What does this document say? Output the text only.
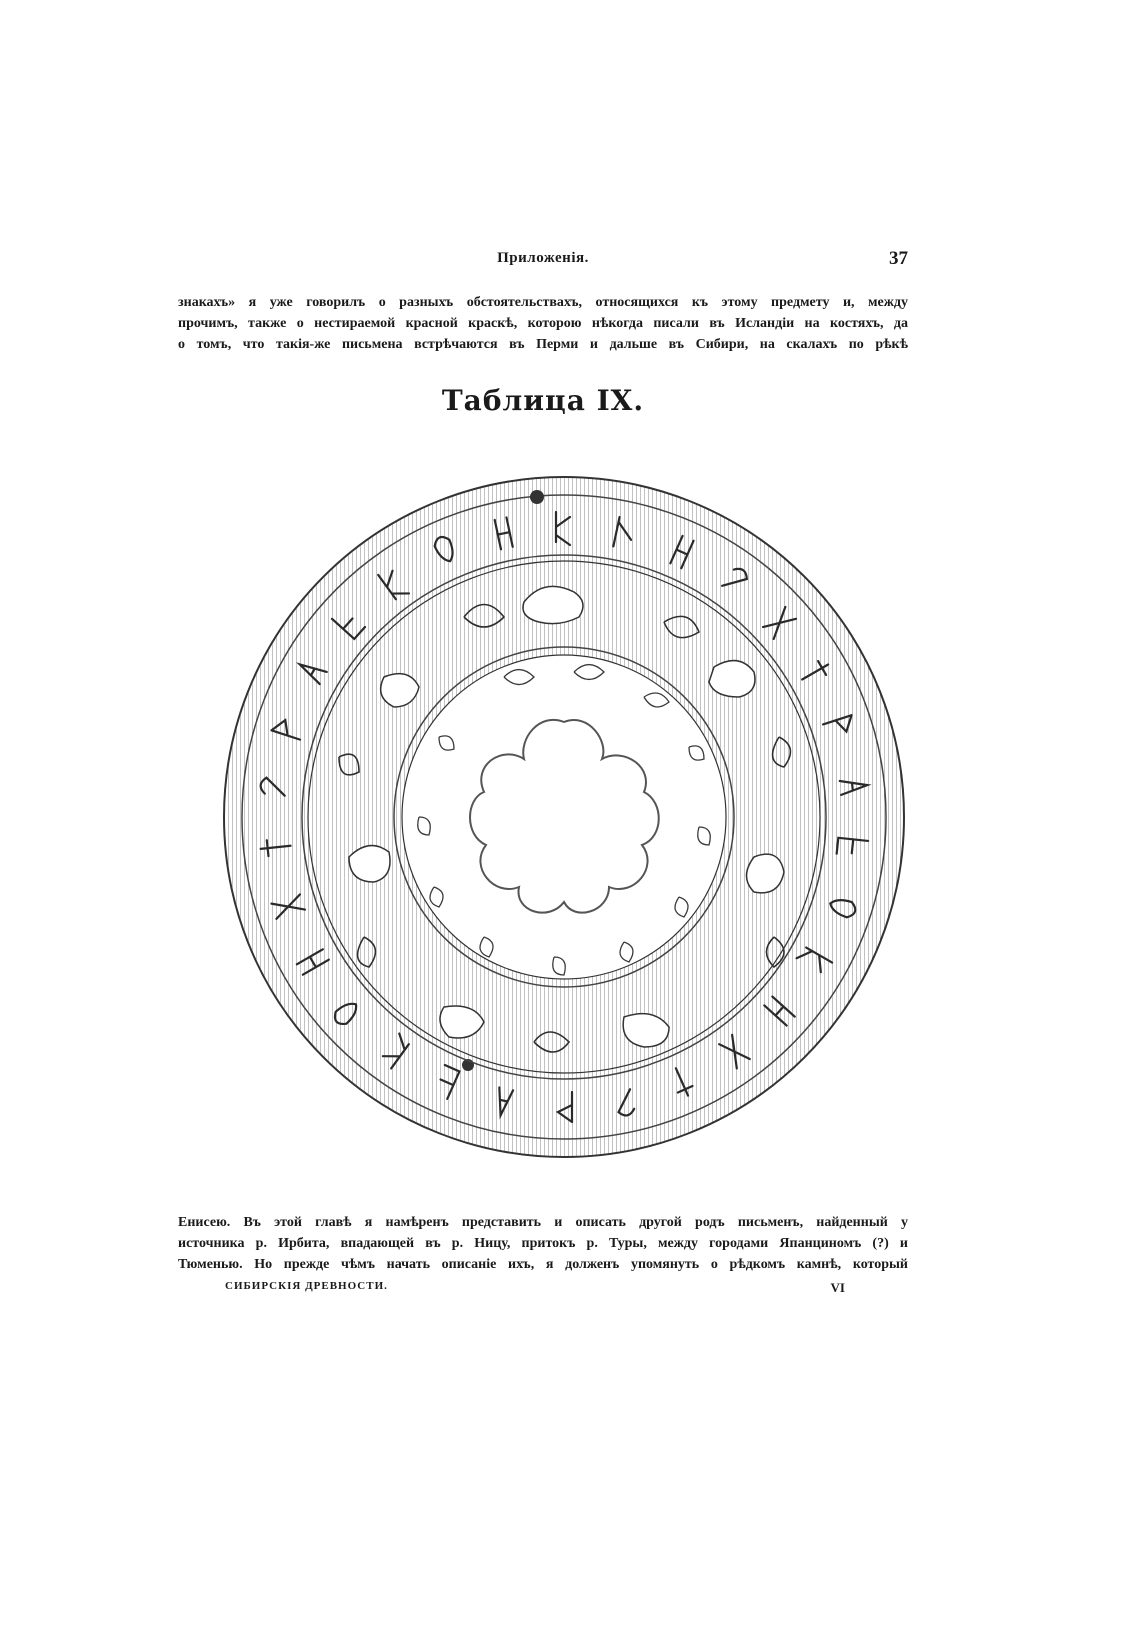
Приложенія.	37
знакахъ» я уже говорилъ о разныхъ обстоятельствахъ, относящихся къ этому предмету и, между
прочимъ, также о нестираемой красной краскѣ, которою нѣкогда писали въ Исландіи на костяхъ, да
о томъ, что такія-же письмена встрѣчаются въ Перми и дальше въ Сибири, на скалахъ по рѣкѣ
Таблица IX.
Енисею. Въ этой главѣ я намѣренъ представить и описать другой родъ письменъ, найденный у
источника р. Ирбита, впадающей въ р. Ницу, притокъ р. Туры, между городами Япанциномъ (?) и
Тюменью. Но прежде чѣмъ начать описаніе ихъ, я долженъ упомянуть о рѣдкомъ камнѣ, который
СИБИРСКІЯ ДРЕВНОСТИ.	VI
